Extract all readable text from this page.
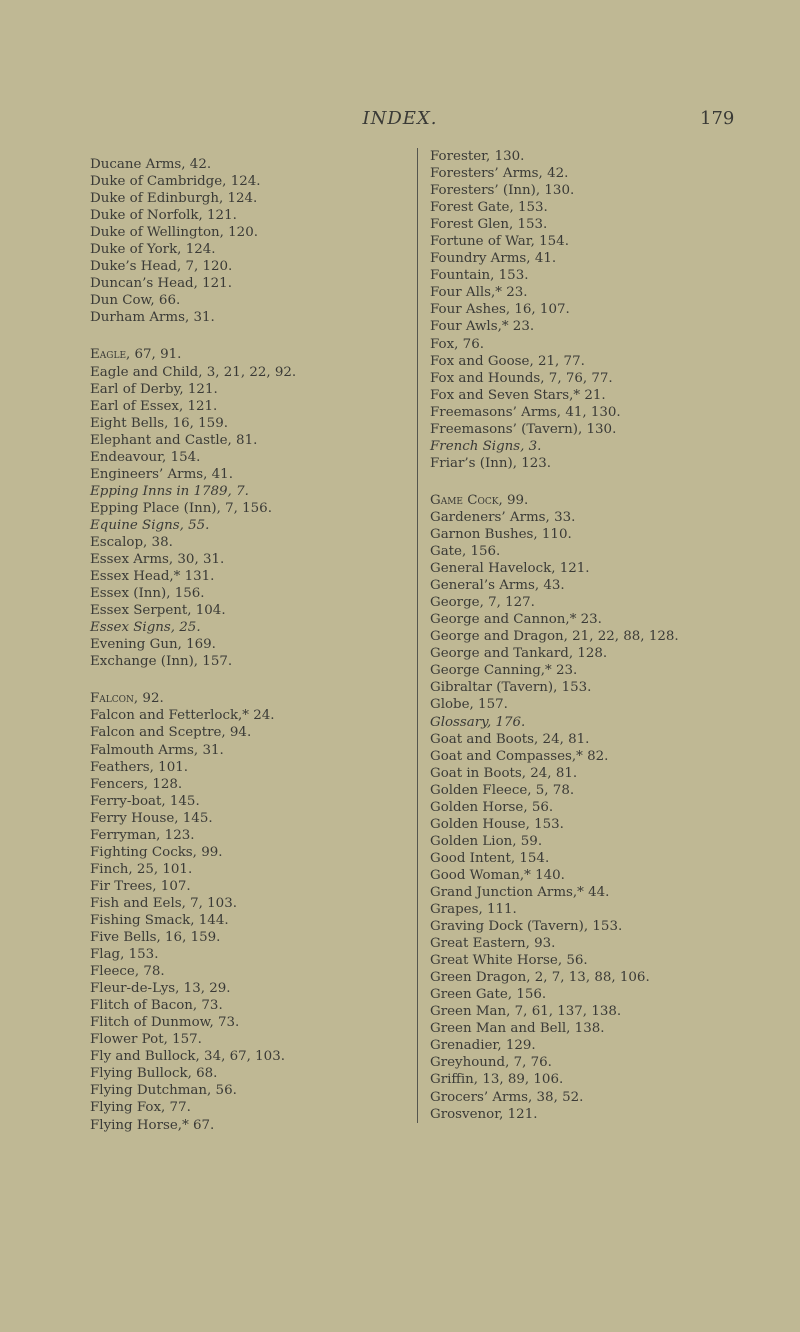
INDEX.	179
Ducane Arms, 42.
Duke of Cambridge, 124.
Duke of Edinburgh, 124.
Duke of Norfolk, 121.
Duke of Wellington, 120.
Duke of York, 124.
Duke’s Head, 7, 120.
Duncan’s Head, 121.
Dun Cow, 66.
Durham Arms, 31.
Eagle, 67, 91.
Eagle and Child, 3, 21, 22, 92.
Earl of Derby, 121.
Earl of Essex, 121.
Eight Bells, 16, 159.
Elephant and Castle, 81.
Endeavour, 154.
Engineers’ Arms, 41.
Epping Inns in 1789, 7.
Epping Place (Inn), 7, 156.
Equine Signs, 55.
Escalop, 38.
Essex Arms, 30, 31.
Essex Head,* 131.
Essex (Inn), 156.
Essex Serpent, 104.
Essex Signs, 25.
Evening Gun, 169.
Exchange (Inn), 157.
Falcon, 92.
Falcon and Fetterlock,* 24.
Falcon and Sceptre, 94.
Falmouth Arms, 31.
Feathers, 101.
Fencers, 128.
Ferry-boat, 145.
Ferry House, 145.
Ferryman, 123.
Fighting Cocks, 99.
Finch, 25, 101.
Fir Trees, 107.
Fish and Eels, 7, 103.
Fishing Smack, 144.
Five Bells, 16, 159.
Flag, 153.
Fleece, 78.
Fleur-de-Lys, 13, 29.
Flitch of Bacon, 73.
Flitch of Dunmow, 73.
Flower Pot, 157.
Fly and Bullock, 34, 67, 103.
Flying Bullock, 68.
Flying Dutchman, 56.
Flying Fox, 77.
Flying Horse,* 67.
Forester, 130.
Foresters’ Arms, 42.
Foresters’ (Inn), 130.
Forest Gate, 153.
Forest Glen, 153.
Fortune of War, 154.
Foundry Arms, 41.
Fountain, 153.
Four Alls,* 23.
Four Ashes, 16, 107.
Four Awls,* 23.
Fox, 76.
Fox and Goose, 21, 77.
Fox and Hounds, 7, 76, 77.
Fox and Seven Stars,* 21.
Freemasons’ Arms, 41, 130.
Freemasons’ (Tavern), 130.
French Signs, 3.
Friar’s (Inn), 123.
Game Cock, 99.
Gardeners’ Arms, 33.
Garnon Bushes, 110.
Gate, 156.
General Havelock, 121.
General’s Arms, 43.
George, 7, 127.
George and Cannon,* 23.
George and Dragon, 21, 22, 88, 128.
George and Tankard, 128.
George Canning,* 23.
Gibraltar (Tavern), 153.
Globe, 157.
Glossary, 176.
Goat and Boots, 24, 81.
Goat and Compasses,* 82.
Goat in Boots, 24, 81.
Golden Fleece, 5, 78.
Golden Horse, 56.
Golden House, 153.
Golden Lion, 59.
Good Intent, 154.
Good Woman,* 140.
Grand Junction Arms,* 44.
Grapes, 111.
Graving Dock (Tavern), 153.
Great Eastern, 93.
Great White Horse, 56.
Green Dragon, 2, 7, 13, 88, 106.
Green Gate, 156.
Green Man, 7, 61, 137, 138.
Green Man and Bell, 138.
Grenadier, 129.
Greyhound, 7, 76.
Griffin, 13, 89, 106.
Grocers’ Arms, 38, 52.
Grosvenor, 121.
